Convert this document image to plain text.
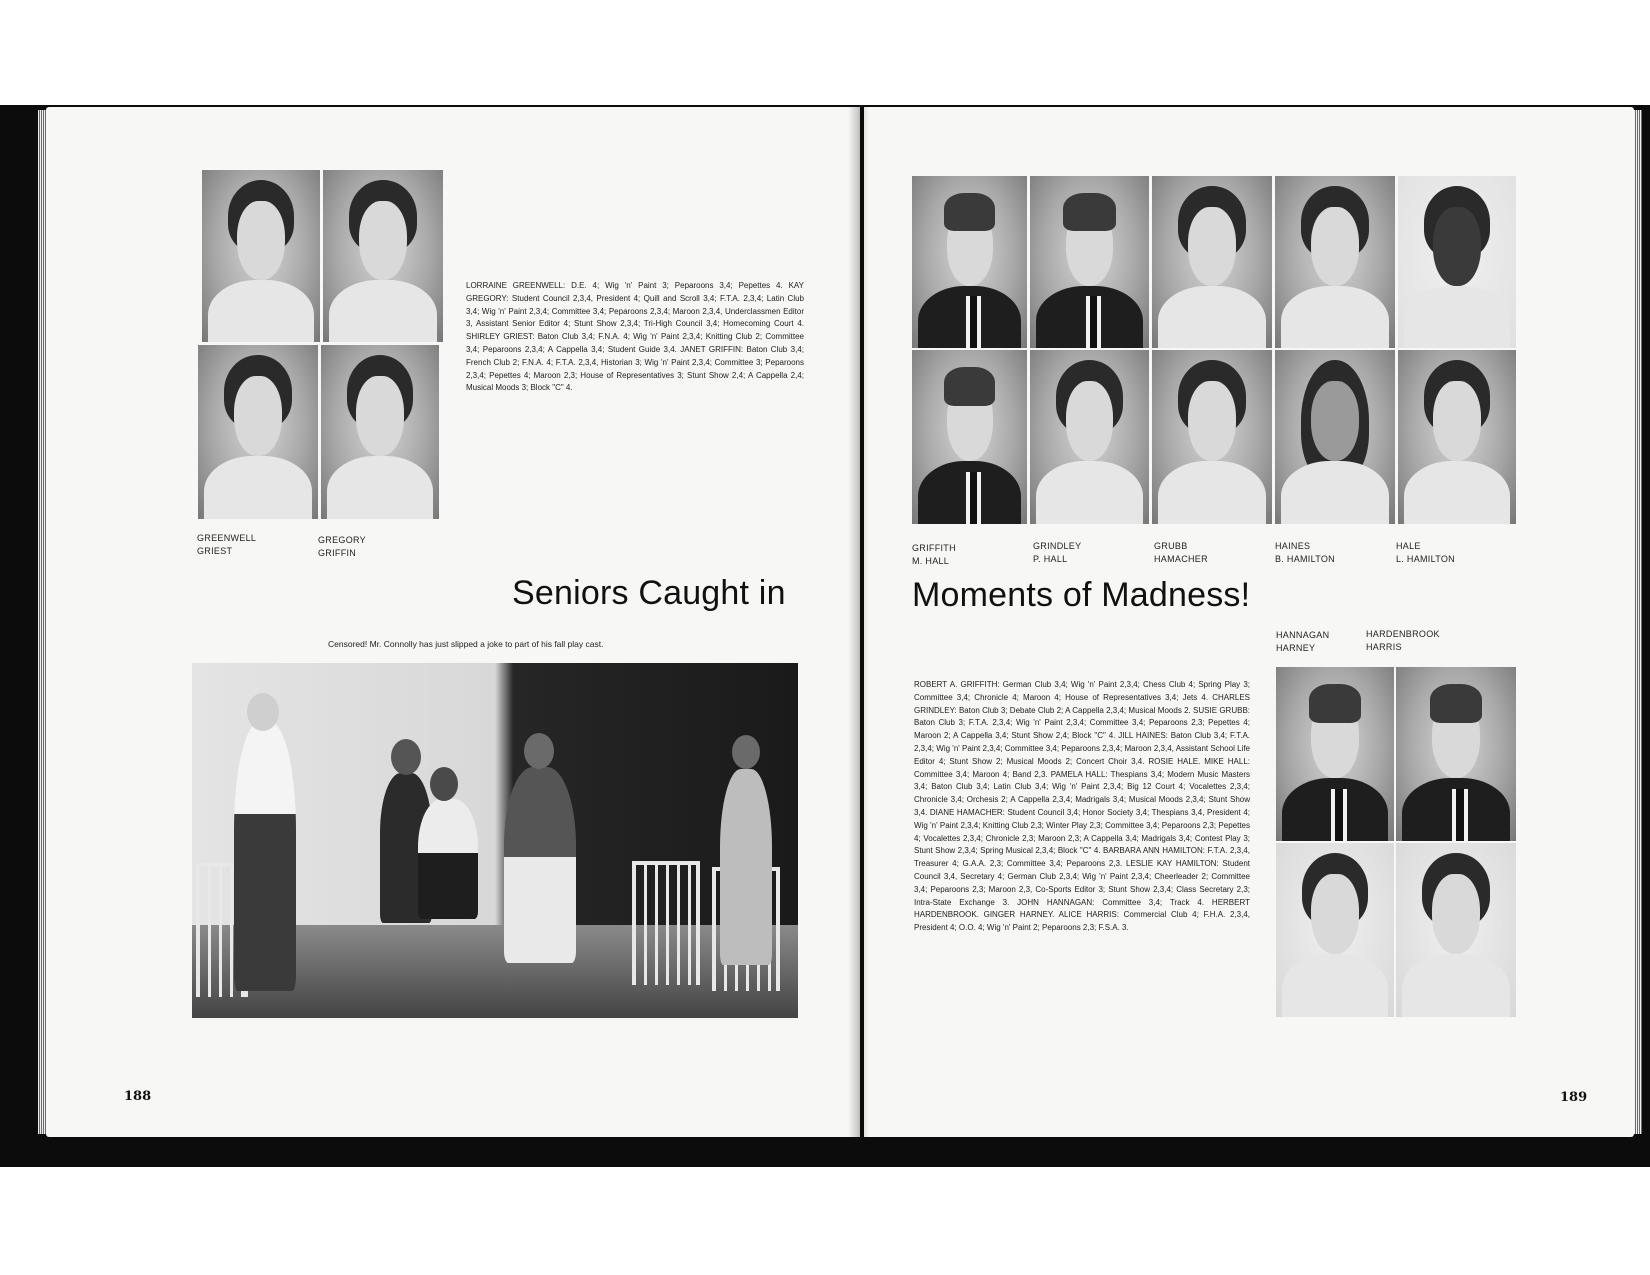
GREENWELL
GRIEST
GREGORY
GRIFFIN
LORRAINE GREENWELL: D.E. 4; Wig 'n' Paint 3; Peparoons 3,4; Pepettes 4. KAY GREGORY: Student Council 2,3,4, President 4; Quill and Scroll 3,4; F.T.A. 2,3,4; Latin Club 3,4; Wig 'n' Paint 2,3,4; Committee 3,4; Peparoons 2,3,4; Maroon 2,3,4, Underclassmen Editor 3, Assistant Senior Editor 4; Stunt Show 2,3,4; Tri-High Council 3,4; Homecoming Court 4. SHIRLEY GRIEST: Baton Club 3,4; F.N.A. 4; Wig 'n' Paint 2,3,4; Knitting Club 2; Committee 3,4; Peparoons 2,3,4; A Cappella 3,4; Student Guide 3,4. JANET GRIFFIN: Baton Club 3,4; French Club 2; F.N.A. 4; F.T.A. 2,3,4, Historian 3; Wig 'n' Paint 2,3,4; Committee 3; Peparoons 2,3,4; Pepettes 4; Maroon 2,3; House of Representatives 3; Stunt Show 2,4; A Cappella 2,4; Musical Moods 3; Block "C" 4.
Seniors Caught in
Censored! Mr. Connolly has just slipped a joke to part of his fall play cast.
188
GRIFFITH
M. HALL
GRINDLEY
P. HALL
GRUBB
HAMACHER
HAINES
B. HAMILTON
HALE
L. HAMILTON
Moments of Madness!
HANNAGAN
HARNEY
HARDENBROOK
HARRIS
ROBERT A. GRIFFITH: German Club 3,4; Wig 'n' Paint 2,3,4; Chess Club 4; Spring Play 3; Committee 3,4; Chronicle 4; Maroon 4; House of Representatives 3,4; Jets 4. CHARLES GRINDLEY: Baton Club 3; Debate Club 2; A Cappella 2,3,4; Musical Moods 2. SUSIE GRUBB: Baton Club 3; F.T.A. 2,3,4; Wig 'n' Paint 2,3,4; Committee 3,4; Peparoons 2,3; Pepettes 4; Maroon 2; A Cappella 3,4; Stunt Show 2,4; Block "C" 4. JILL HAINES: Baton Club 3,4; F.T.A. 2,3,4; Wig 'n' Paint 2,3,4; Committee 3,4; Peparoons 2,3,4; Maroon 2,3,4, Assistant School Life Editor 4; Stunt Show 2; Musical Moods 2; Concert Choir 3,4. ROSIE HALE. MIKE HALL: Committee 3,4; Maroon 4; Band 2,3. PAMELA HALL: Thespians 3,4; Modern Music Masters 3,4; Baton Club 3,4; Latin Club 3,4; Wig 'n' Paint 2,3,4; Big 12 Court 4; Vocalettes 2,3,4; Chronicle 3,4; Orchesis 2; A Cappella 2,3,4; Madrigals 3,4; Musical Moods 2,3,4; Stunt Show 3,4. DIANE HAMACHER: Student Council 3,4; Honor Society 3,4; Thespians 3,4, President 4; Wig 'n' Paint 2,3,4; Knitting Club 2,3; Winter Play 2,3; Committee 3,4; Peparoons 2,3; Pepettes 4; Vocalettes 2,3,4; Chronicle 2,3; Maroon 2,3; A Cappella 3,4; Madrigals 3,4; Contest Play 3; Stunt Show 2,3,4; Spring Musical 2,3,4; Block "C" 4. BARBARA ANN HAMILTON: F.T.A. 2,3,4, Treasurer 4; G.A.A. 2,3; Committee 3,4; Peparoons 2,3. LESLIE KAY HAMILTON: Student Council 3,4, Secretary 4; German Club 2,3,4; Wig 'n' Paint 2,3,4; Cheerleader 2; Committee 3,4; Peparoons 2,3; Maroon 2,3, Co-Sports Editor 3; Stunt Show 2,3,4; Class Secretary 2,3; Intra-State Exchange 3. JOHN HANNAGAN: Committee 3,4; Track 4. HERBERT HARDENBROOK. GINGER HARNEY. ALICE HARRIS: Commercial Club 4; F.H.A. 2,3,4, President 4; O.O. 4; Wig 'n' Paint 2; Peparoons 2,3; F.S.A. 3.
189
